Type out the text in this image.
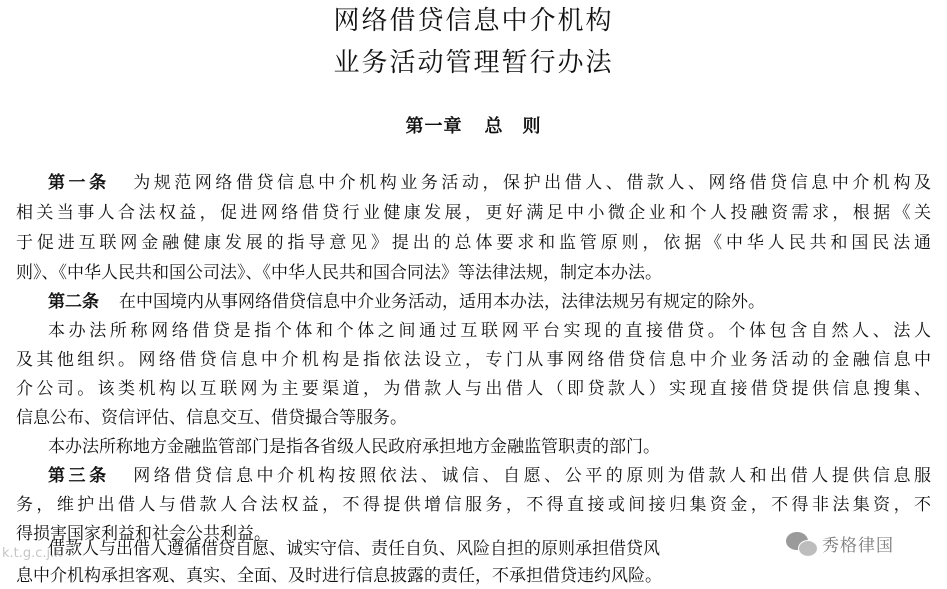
网络借贷信息中介机构
业务活动管理暂行办法
第一章 总　则
第一条 为规范网络借贷信息中介机构业务活动，保护出借人、借款人、网络借贷信息中介机构及
相关当事人合法权益，促进网络借贷行业健康发展，更好满足中小微企业和个人投融资需求，根据《关
于促进互联网金融健康发展的指导意见》提出的总体要求和监管原则，依据《中华人民共和国民法通
则》、《中华人民共和国公司法》、《中华人民共和国合同法》等法律法规，制定本办法。
第二条 在中国境内从事网络借贷信息中介业务活动，适用本办法，法律法规另有规定的除外。
本办法所称网络借贷是指个体和个体之间通过互联网平台实现的直接借贷。个体包含自然人、法人
及其他组织。网络借贷信息中介机构是指依法设立，专门从事网络借贷信息中介业务活动的金融信息中
介公司。该类机构以互联网为主要渠道，为借款人与出借人（即贷款人）实现直接借贷提供信息搜集、
信息公布、资信评估、信息交互、借贷撮合等服务。
本办法所称地方金融监管部门是指各省级人民政府承担地方金融监管职责的部门。
第三条 网络借贷信息中介机构按照依法、诚信、自愿、公平的原则为借款人和出借人提供信息服
务，维护出借人与借款人合法权益，不得提供增信服务，不得直接或间接归集资金，不得非法集资，不
得损害国家利益和社会公共利益。
借款人与出借人遵循借贷自愿、诚实守信、责任自负、风险自担的原则承担借贷风
息中介机构承担客观、真实、全面、及时进行信息披露的责任，不承担借贷违约风险。
k.t.g.c.j.k	秀格律国
